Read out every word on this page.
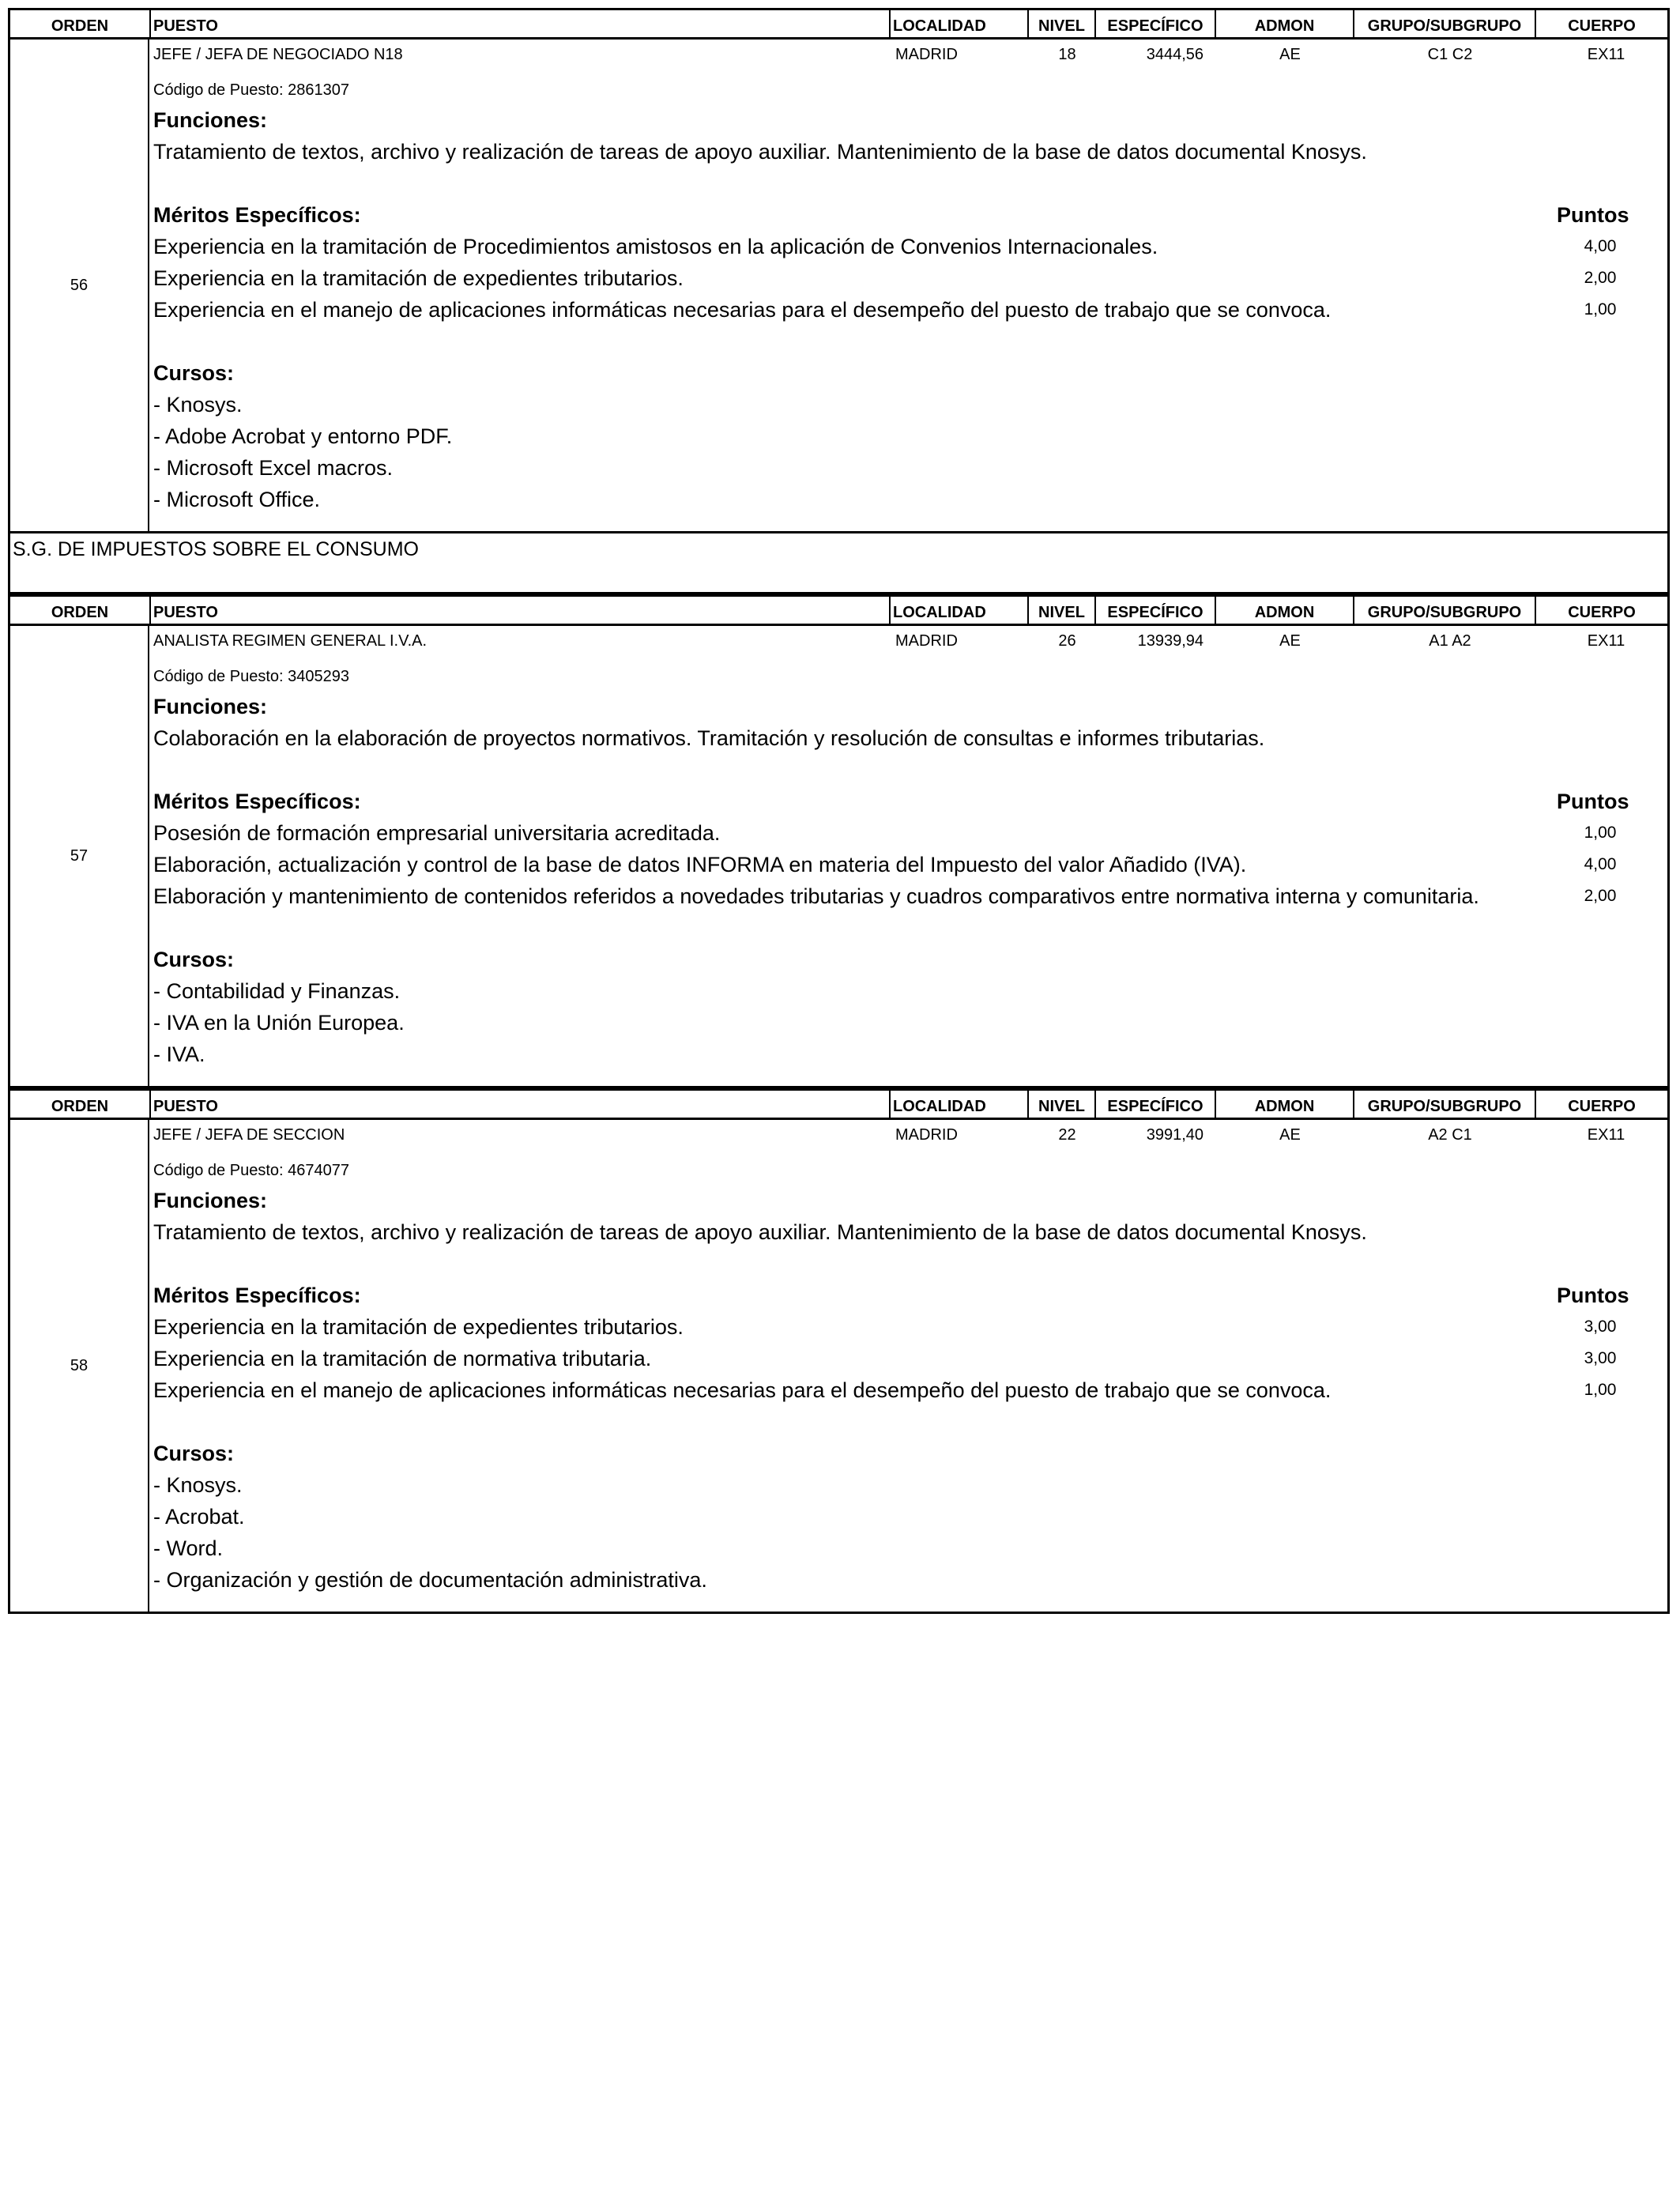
ORDEN	PUESTO	LOCALIDAD	NIVEL	ESPECÍFICO	ADMON	GRUPO/SUBGRUPO	CUERPO
56
JEFE / JEFA DE NEGOCIADO N18	MADRID	18	3444,56	AE	C1 C2	EX11
Código de Puesto: 2861307
Funciones:
Tratamiento de textos, archivo y realización de tareas de apoyo auxiliar. Mantenimiento de la base de datos documental Knosys.
Méritos Específicos:	Puntos
Experiencia en la tramitación de Procedimientos amistosos en la aplicación de Convenios Internacionales.	4,00
Experiencia en la tramitación de expedientes tributarios.	2,00
Experiencia en el manejo de aplicaciones informáticas necesarias para el desempeño del puesto de trabajo que se convoca.	1,00
Cursos:
- Knosys.
- Adobe Acrobat y entorno PDF.
- Microsoft Excel macros.
- Microsoft Office.
S.G. DE IMPUESTOS SOBRE EL CONSUMO
ORDEN	PUESTO	LOCALIDAD	NIVEL	ESPECÍFICO	ADMON	GRUPO/SUBGRUPO	CUERPO
57
ANALISTA REGIMEN GENERAL I.V.A.	MADRID	26	13939,94	AE	A1 A2	EX11
Código de Puesto: 3405293
Funciones:
Colaboración en la elaboración de proyectos normativos. Tramitación y resolución de consultas e informes tributarias.
Méritos Específicos:	Puntos
Posesión de formación empresarial universitaria acreditada.	1,00
Elaboración, actualización y control de la base de datos INFORMA en materia del Impuesto del valor Añadido (IVA).	4,00
Elaboración y mantenimiento de contenidos referidos a novedades tributarias y cuadros comparativos entre normativa interna y comunitaria.	2,00
Cursos:
- Contabilidad y Finanzas.
- IVA en la Unión Europea.
- IVA.
ORDEN	PUESTO	LOCALIDAD	NIVEL	ESPECÍFICO	ADMON	GRUPO/SUBGRUPO	CUERPO
58
JEFE / JEFA DE SECCION	MADRID	22	3991,40	AE	A2 C1	EX11
Código de Puesto: 4674077
Funciones:
Tratamiento de textos, archivo y realización de tareas de apoyo auxiliar. Mantenimiento de la base de datos documental Knosys.
Méritos Específicos:	Puntos
Experiencia en la tramitación de expedientes tributarios.	3,00
Experiencia en la tramitación de normativa tributaria.	3,00
Experiencia en el manejo de aplicaciones informáticas necesarias para el desempeño del puesto de trabajo que se convoca.	1,00
Cursos:
- Knosys.
- Acrobat.
- Word.
- Organización y gestión de documentación administrativa.
